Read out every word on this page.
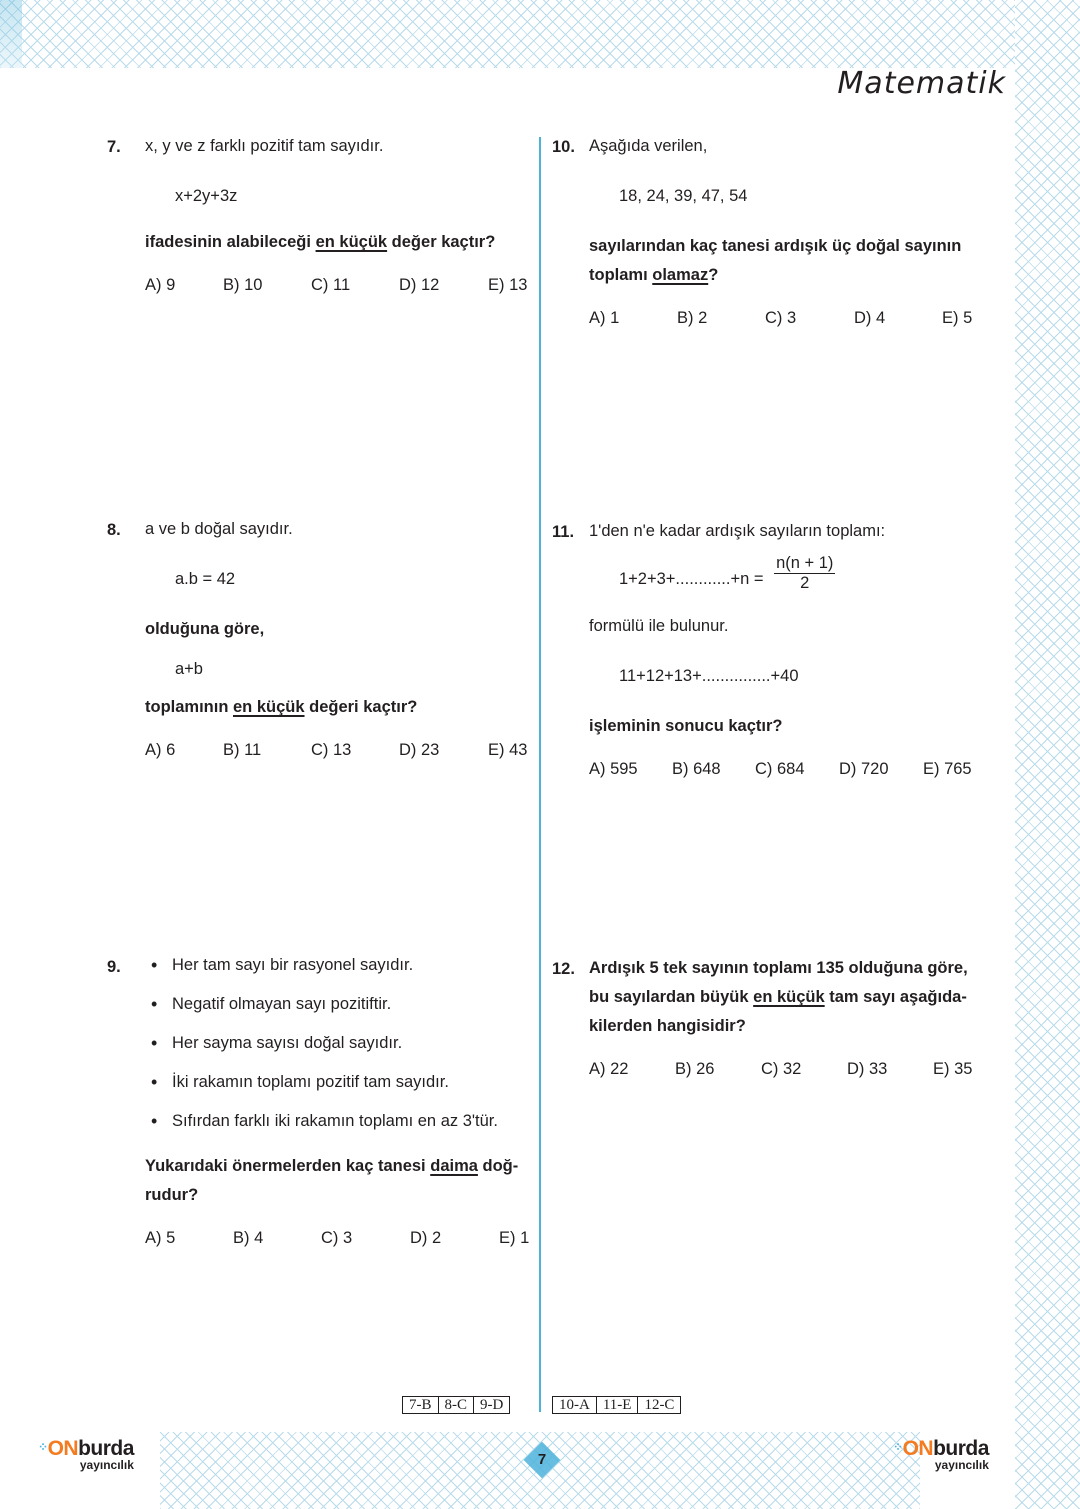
Matematik
7. x, y ve z farklı pozitif tam sayıdır.
x+2y+3z
ifadesinin alabileceği en küçük değer kaçtır?
A) 9	B) 10	C) 11	D) 12	E) 13
8. a ve b doğal sayıdır.
a.b = 42
olduğuna göre,
a+b
toplamının en küçük değeri kaçtır?
A) 6	B) 11	C) 13	D) 23	E) 43
9.
•	Her tam sayı bir rasyonel sayıdır.
• Negatif olmayan sayı pozitiftir.
• Her sayma sayısı doğal sayıdır.
• İki rakamın toplamı pozitif tam sayıdır.
• Sıfırdan farklı iki rakamın toplamı en az 3'tür.
Yukarıdaki önermelerden kaç tanesi daima doğ-
rudur?
A) 5	B) 4	C) 3	D) 2	E) 1
10. Aşağıda verilen,
18, 24, 39, 47, 54
sayılarından kaç tanesi ardışık üç doğal sayının
toplamı olamaz?
A) 1	B) 2	C) 3	D) 4	E) 5
11. 1'den n'e kadar ardışık sayıların toplamı:
$1+2+3+............+n = \frac{n(n + 1)}{2}$
formülü ile bulunur.
11+12+13+...............+40
işleminin sonucu kaçtır?
A) 595	B) 648	C) 684	D) 720	E) 765
12. Ardışık 5 tek sayının toplamı 135 olduğuna göre,
bu sayılardan büyük en küçük tam sayı aşağıda-
kilerden hangisidir?
A) 22	B) 26	C) 32	D) 33	E) 35
7-B 8-C 9-D	10-A 11-E 12-C
⁘ONburda
yayıncılık
⁘ONburda
yayıncılık
7
